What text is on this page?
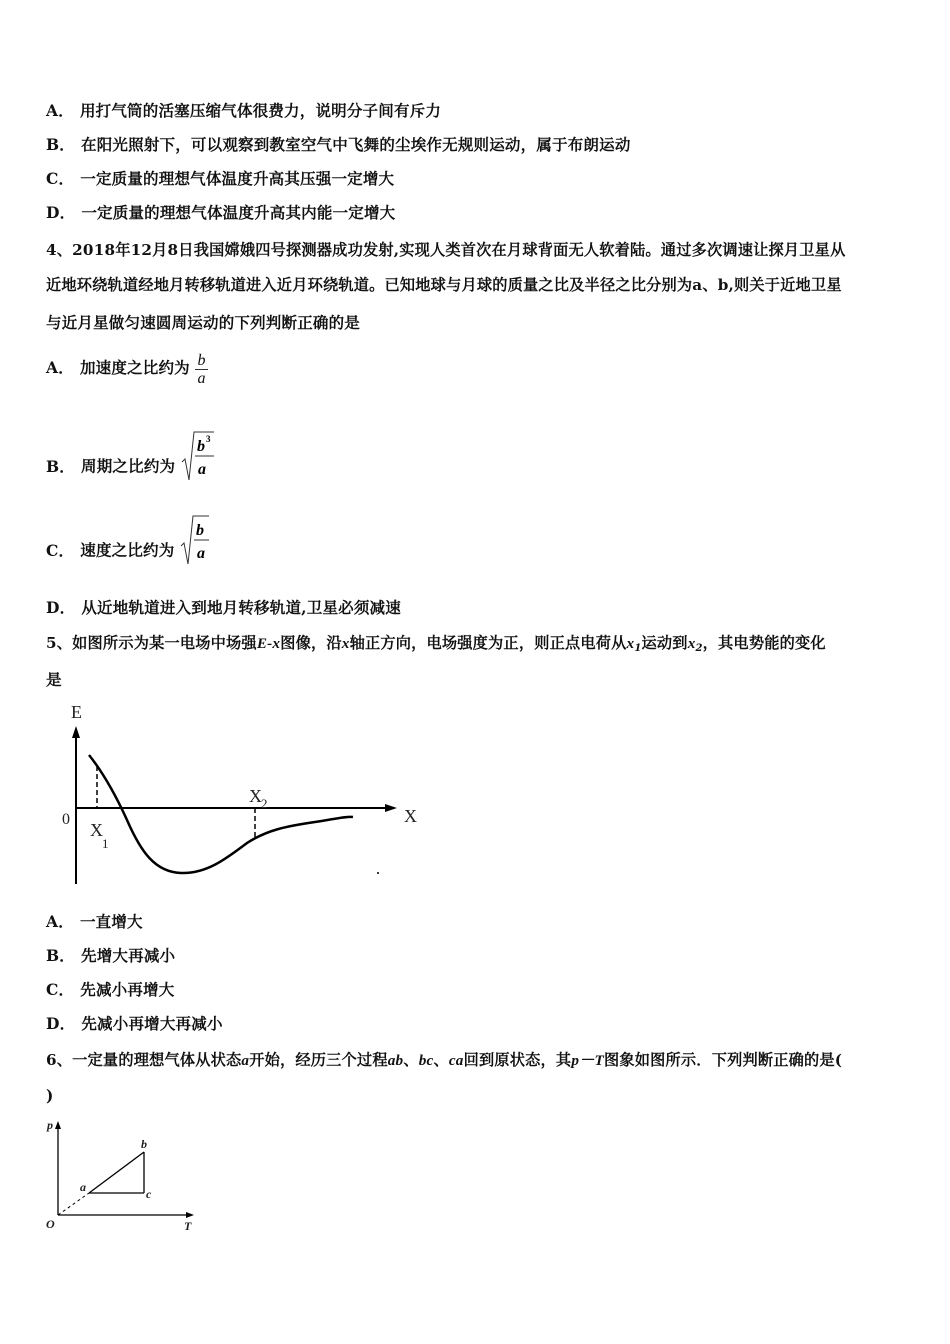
A． 用打气筒的活塞压缩气体很费力，说明分子间有斥力
B． 在阳光照射下，可以观察到教室空气中飞舞的尘埃作无规则运动，属于布朗运动
C． 一定质量的理想气体温度升高其压强一定增大
D． 一定质量的理想气体温度升高其内能一定增大
4、2018年12月8日我国嫦娥四号探测器成功发射,实现人类首次在月球背面无人软着陆。通过多次调速让探月卫星从
近地环绕轨道经地月转移轨道进入近月环绕轨道。已知地球与月球的质量之比及半径之比分别为a、b,则关于近地卫星
与近月星做匀速圆周运动的下列判断正确的是
A． 加速度之比约为 $\frac{b}{a}$
B． 周期之比约为
b 3
a
C． 速度之比约为
b
a
D． 从近地轨道进入到地月转移轨道,卫星必须减速
5、如图所示为某一电场中场强E-x图像，沿x轴正方向，电场强度为正，则正点电荷从$x_1$运动到$x_2$，其电势能的变化
是
E
X
0
X
1
X 2
A． 一直增大
B． 先增大再减小
C． 先减小再增大
D． 先减小再增大再减小
6、一定量的理想气体从状态a开始，经历三个过程ab、bc、ca回到原状态，其p－T图象如图所示．下列判断正确的是(
)
p
T
O
a
b
c
